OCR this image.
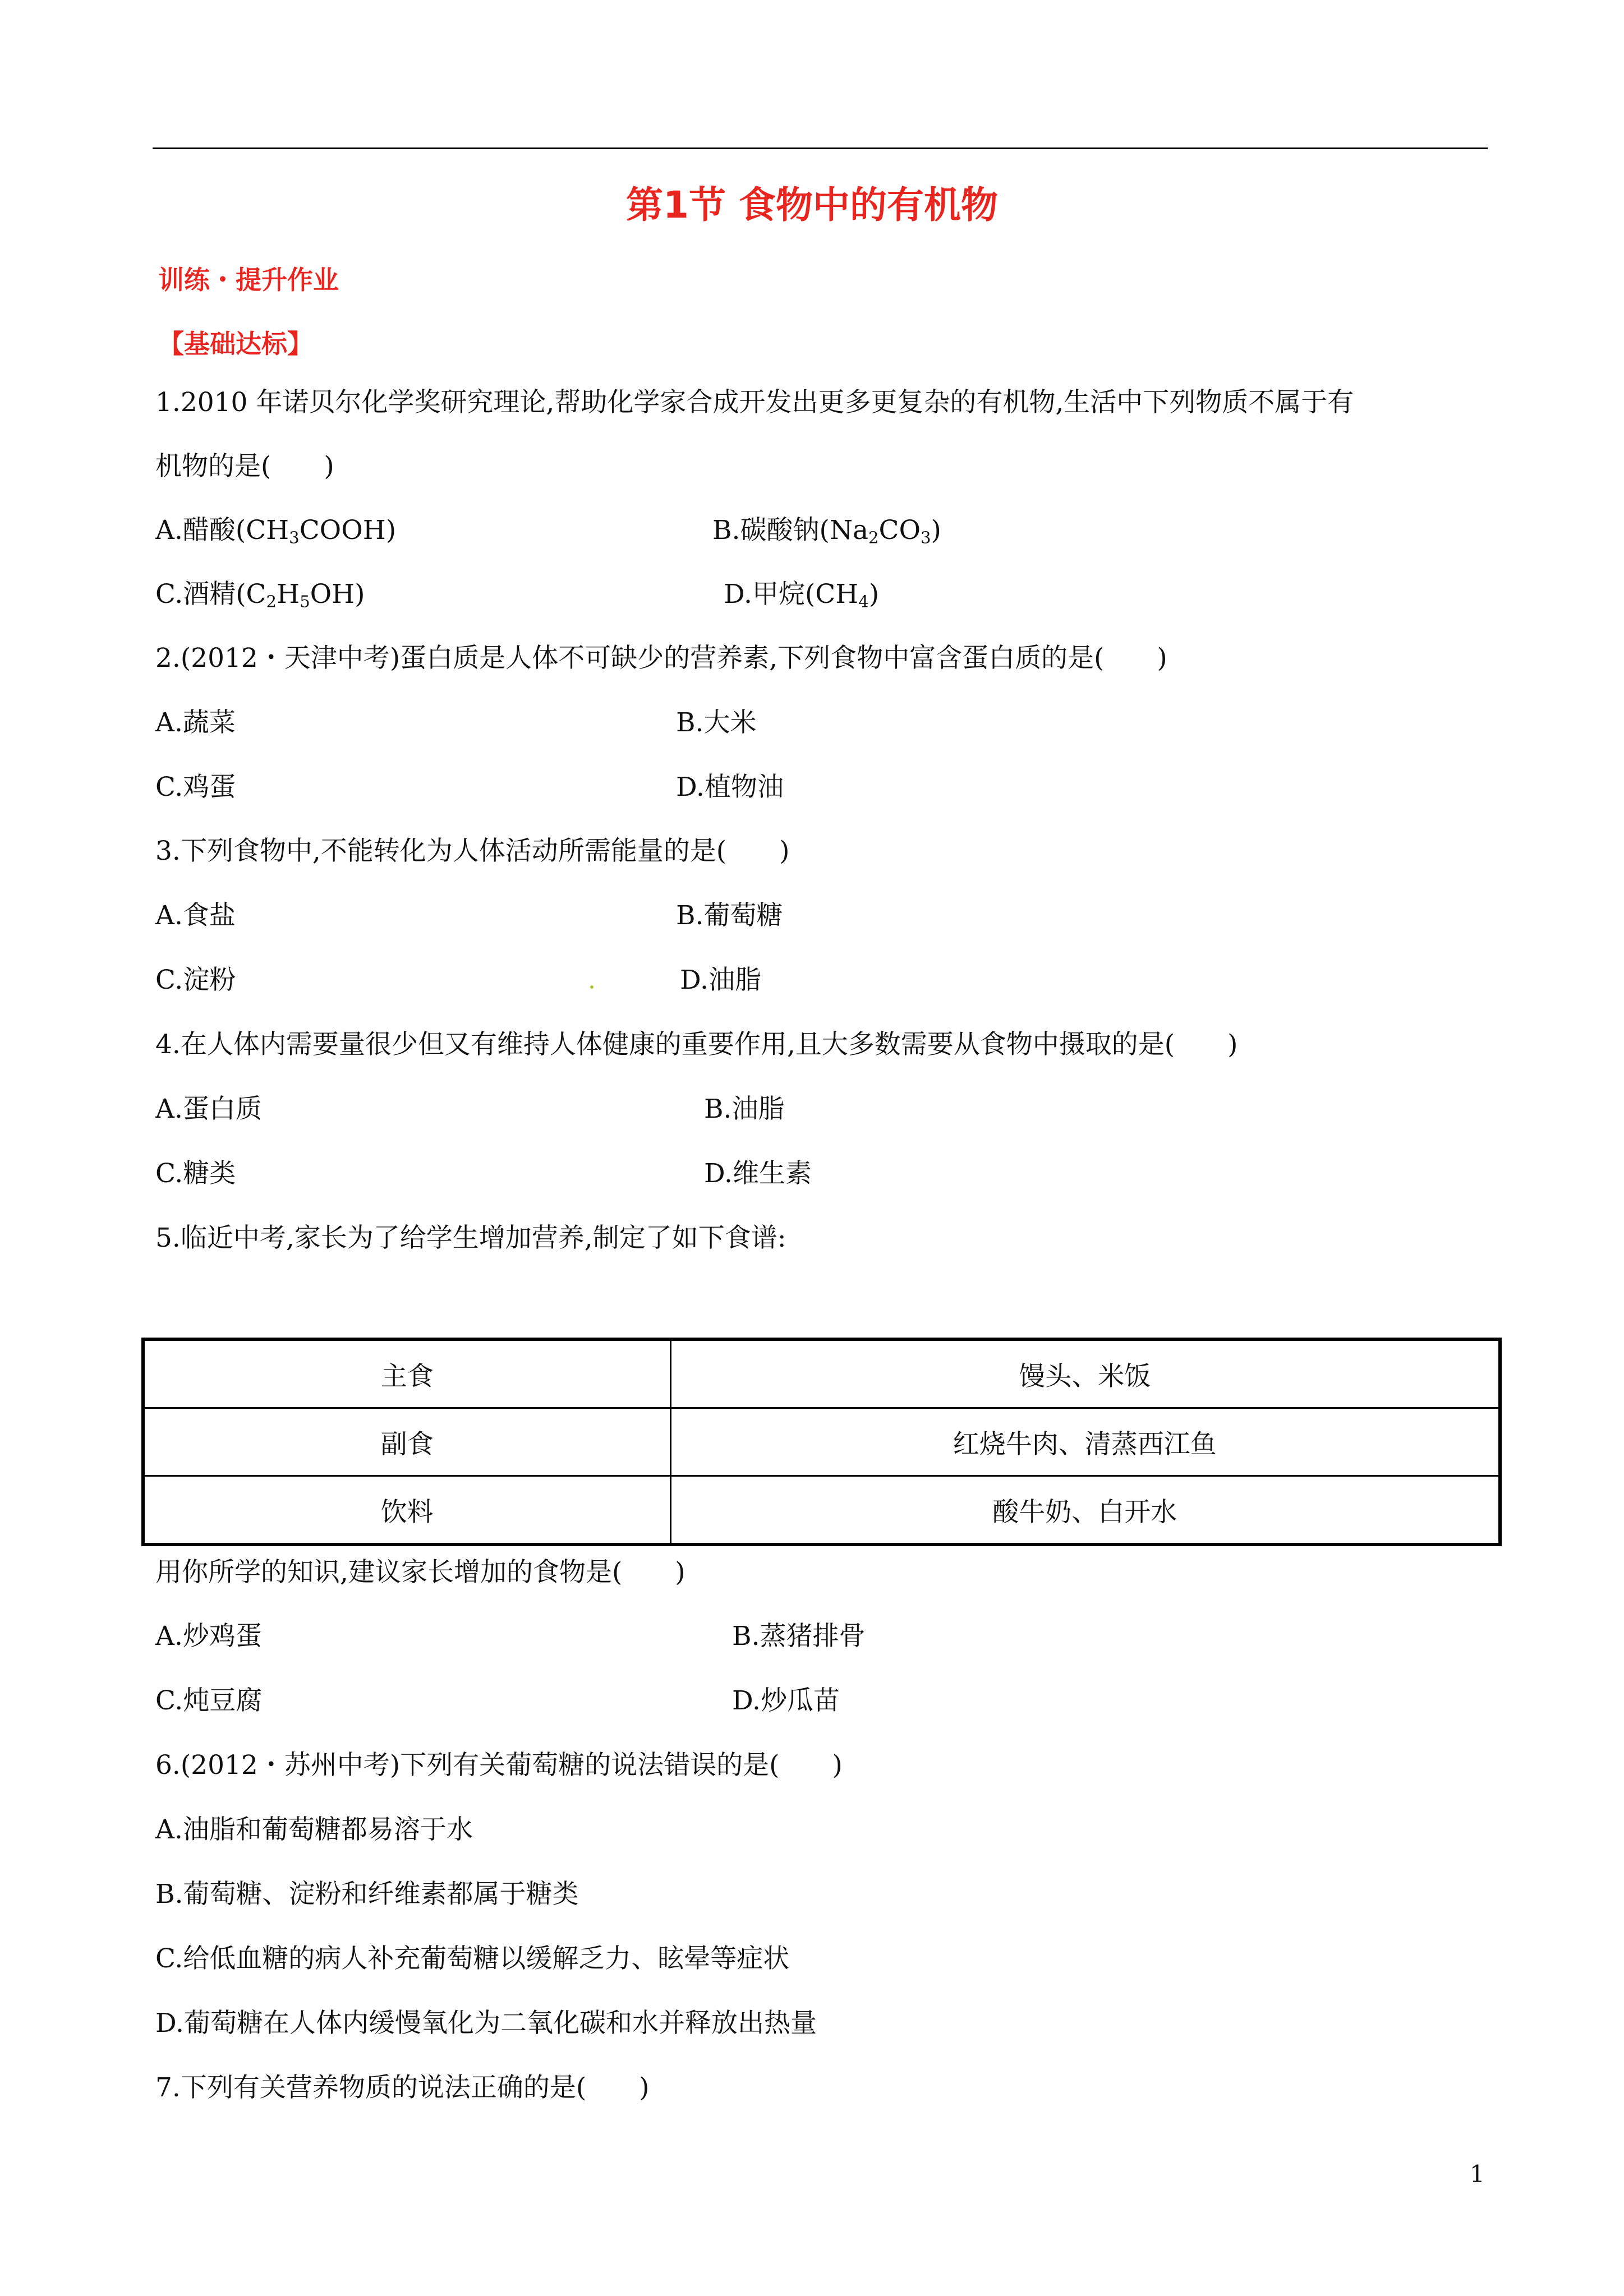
第1节 食物中的有机物
训练・提升作业
【基础达标】
1.2010 年诺贝尔化学奖研究理论,帮助化学家合成开发出更多更复杂的有机物,生活中下列物质不属于有
机物的是(　　)
A.醋酸$(CH_3COOH)$	B.碳酸钠$(Na_2CO_3)$
C.酒精$(C_2H_5OH)$	D.甲烷$(CH_4)$
2.(2012・天津中考)蛋白质是人体不可缺少的营养素,下列食物中富含蛋白质的是(　　)
A.蔬菜	B.大米
C.鸡蛋	D.植物油
3.下列食物中,不能转化为人体活动所需能量的是(　　)
A.食盐	B.葡萄糖
C.淀粉	D.油脂
4.在人体内需要量很少但又有维持人体健康的重要作用,且大多数需要从食物中摄取的是(　　)
A.蛋白质	B.油脂
C.糖类	D.维生素
5.临近中考,家长为了给学生增加营养,制定了如下食谱:
主食	馒头、米饭
副食	红烧牛肉、清蒸西江鱼
饮料	酸牛奶、白开水
用你所学的知识,建议家长增加的食物是(　　)
A.炒鸡蛋	B.蒸猪排骨
C.炖豆腐	D.炒瓜苗
6.(2012・苏州中考)下列有关葡萄糖的说法错误的是(　　)
A.油脂和葡萄糖都易溶于水
B.葡萄糖、淀粉和纤维素都属于糖类
C.给低血糖的病人补充葡萄糖以缓解乏力、眩晕等症状
D.葡萄糖在人体内缓慢氧化为二氧化碳和水并释放出热量
7.下列有关营养物质的说法正确的是(　　)
1
